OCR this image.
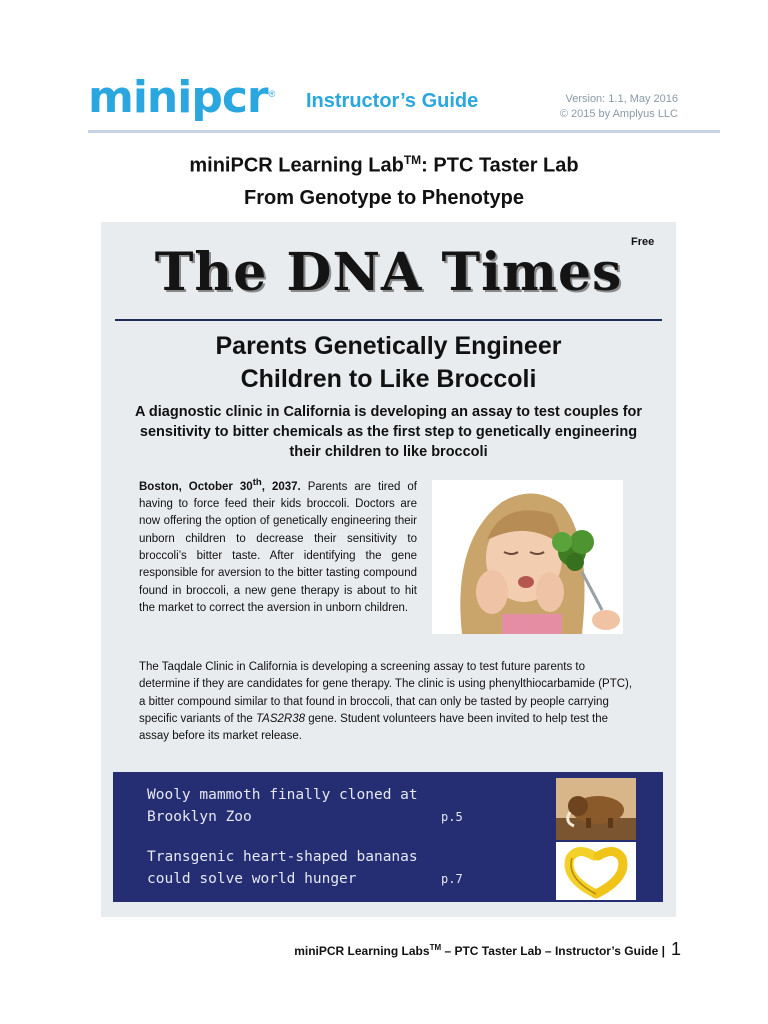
minipcr ® Instructor’s Guide	Version: 1.1, May 2016
© 2015 by Amplyus LLC
miniPCR Learning Lab™: PTC Taster Lab
From Genotype to Phenotype
The DNA Times Free
Parents Genetically Engineer
Children to Like Broccoli
A diagnostic clinic in California is developing an assay to test couples for sensitivity to bitter chemicals as the first step to genetically engineering their children to like broccoli
Boston, October 30th, 2037. Parents are tired of having to force feed their kids broccoli. Doctors are now offering the option of genetically engineering their unborn children to decrease their sensitivity to broccoli’s bitter taste. After identifying the gene responsible for aversion to the bitter tasting compound found in broccoli, a new gene therapy is about to hit the market to correct the aversion in unborn children.
The Taqdale Clinic in California is developing a screening assay to test future parents to determine if they are candidates for gene therapy. The clinic is using phenylthiocarbamide (PTC), a bitter compound similar to that found in broccoli, that can only be tasted by people carrying specific variants of the TAS2R38 gene. Student volunteers have been invited to help test the assay before its market release.
Wooly mammoth finally cloned at
Brooklyn Zoo	p.5
Transgenic heart-shaped bananas
could solve world hunger	p.7
miniPCR Learning Labs™ – PTC Taster Lab – Instructor’s Guide | 1
